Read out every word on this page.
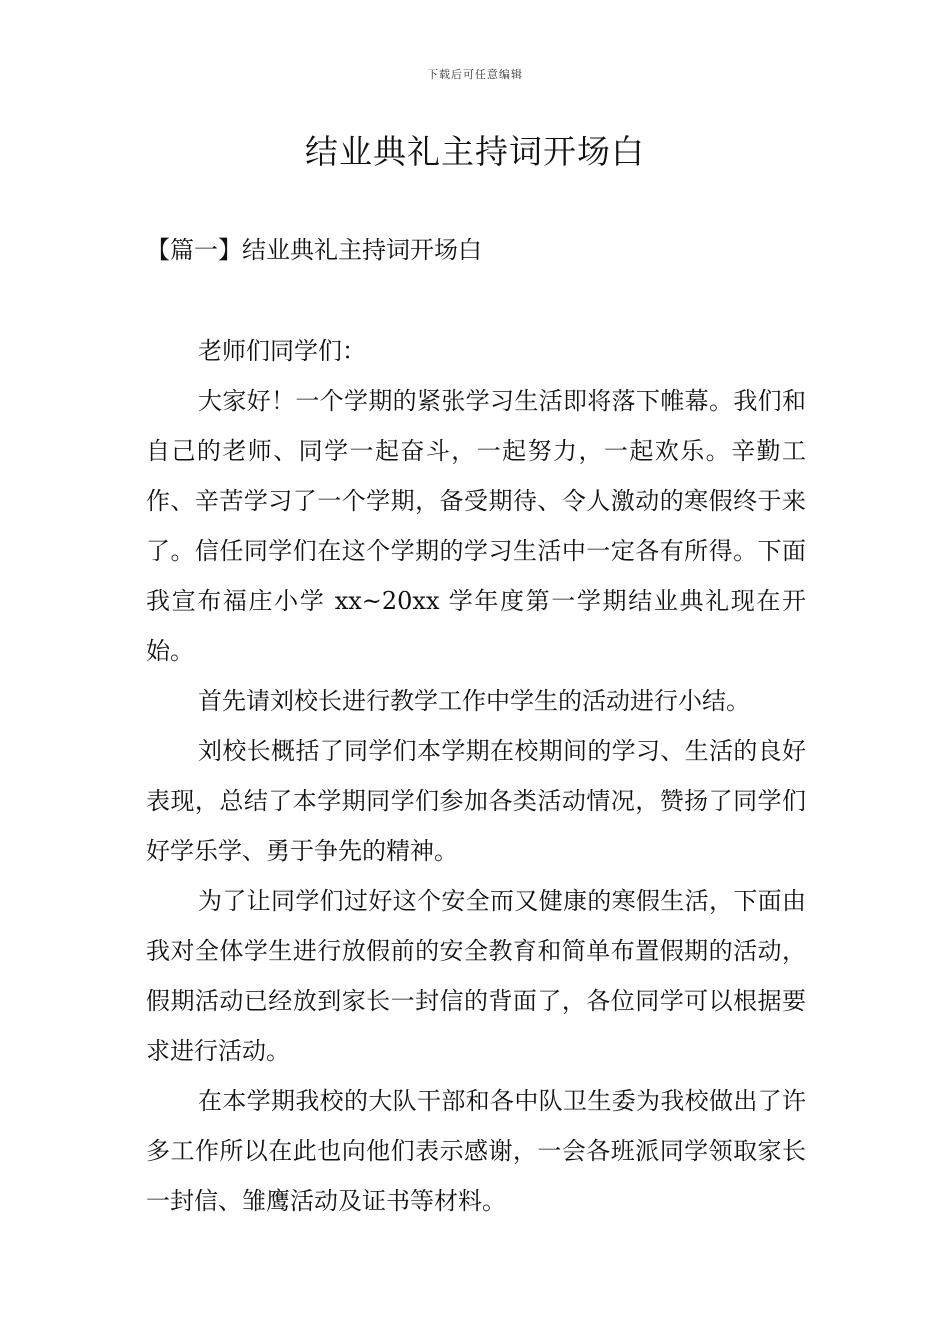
下载后可任意编辑
结业典礼主持词开场白
【篇一】结业典礼主持词开场白

老师们同学们：

大家好！一个学期的紧张学习生活即将落下帷幕。我们和自己的老师、同学一起奋斗，一起努力，一起欢乐。辛勤工作、辛苦学习了一个学期，备受期待、令人激动的寒假终于来了。信任同学们在这个学期的学习生活中一定各有所得。下面我宣布福庄小学 xx~20xx 学年度第一学期结业典礼现在开始。

首先请刘校长进行教学工作中学生的活动进行小结。

刘校长概括了同学们本学期在校期间的学习、生活的良好表现，总结了本学期同学们参加各类活动情况，赞扬了同学们好学乐学、勇于争先的精神。

为了让同学们过好这个安全而又健康的寒假生活，下面由我对全体学生进行放假前的安全教育和简单布置假期的活动，假期活动已经放到家长一封信的背面了，各位同学可以根据要求进行活动。

在本学期我校的大队干部和各中队卫生委为我校做出了许多工作所以在此也向他们表示感谢，一会各班派同学领取家长一封信、雏鹰活动及证书等材料。
